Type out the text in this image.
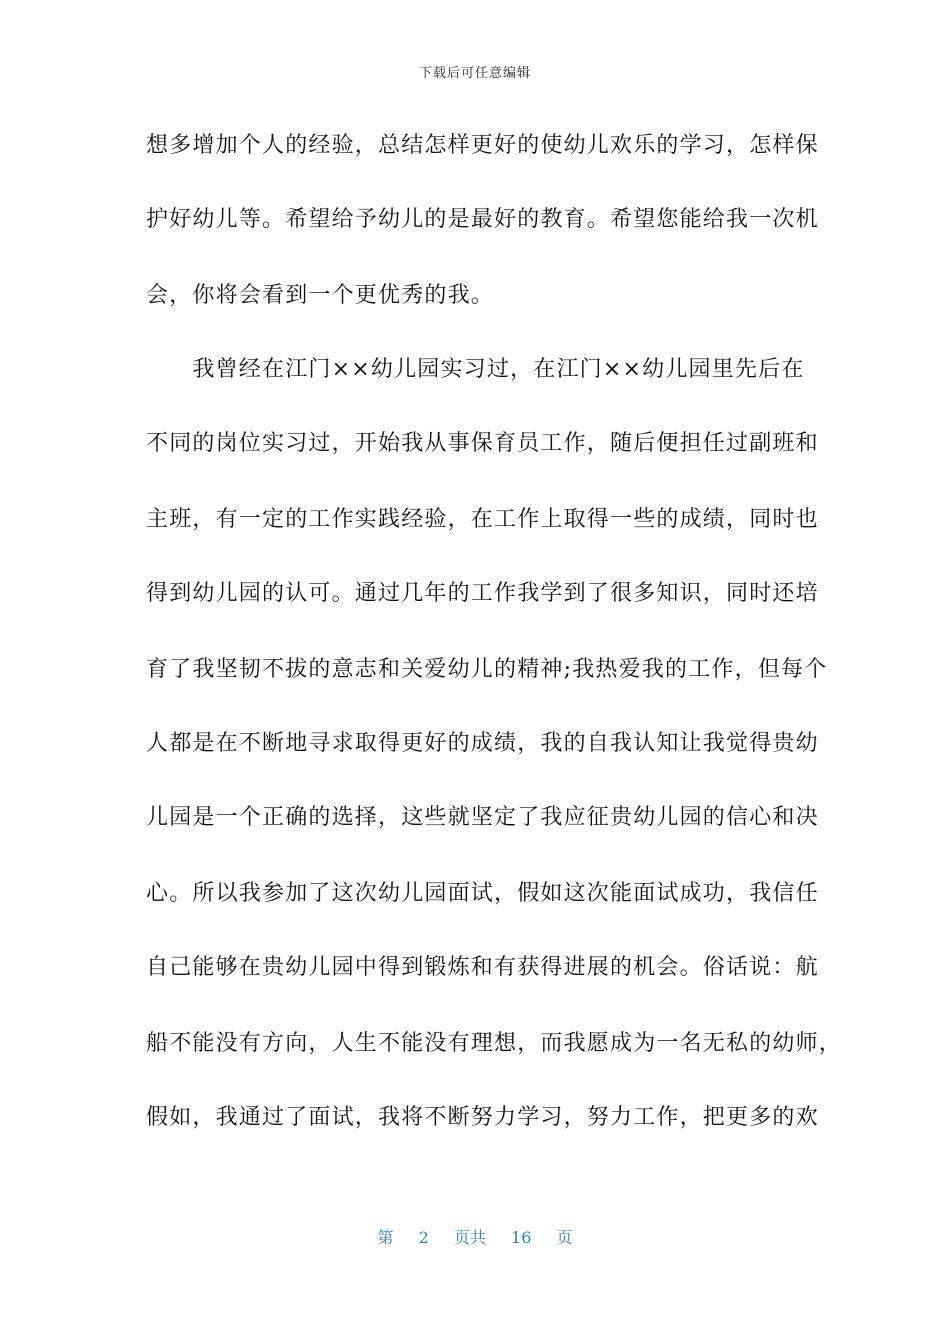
下载后可任意编辑
想多增加个人的经验，总结怎样更好的使幼儿欢乐的学习，怎样保
护好幼儿等。希望给予幼儿的是最好的教育。希望您能给我一次机
会，你将会看到一个更优秀的我。
　　我曾经在江门××幼儿园实习过，在江门××幼儿园里先后在
不同的岗位实习过，开始我从事保育员工作，随后便担任过副班和
主班，有一定的工作实践经验，在工作上取得一些的成绩，同时也
得到幼儿园的认可。通过几年的工作我学到了很多知识，同时还培
育了我坚韧不拔的意志和关爱幼儿的精神;我热爱我的工作，但每个
人都是在不断地寻求取得更好的成绩，我的自我认知让我觉得贵幼
儿园是一个正确的选择，这些就坚定了我应征贵幼儿园的信心和决
心。所以我参加了这次幼儿园面试，假如这次能面试成功，我信任
自己能够在贵幼儿园中得到锻炼和有获得进展的机会。俗话说：航
船不能没有方向，人生不能没有理想，而我愿成为一名无私的幼师，
假如，我通过了面试，我将不断努力学习，努力工作，把更多的欢
第 2 页共 16 页
